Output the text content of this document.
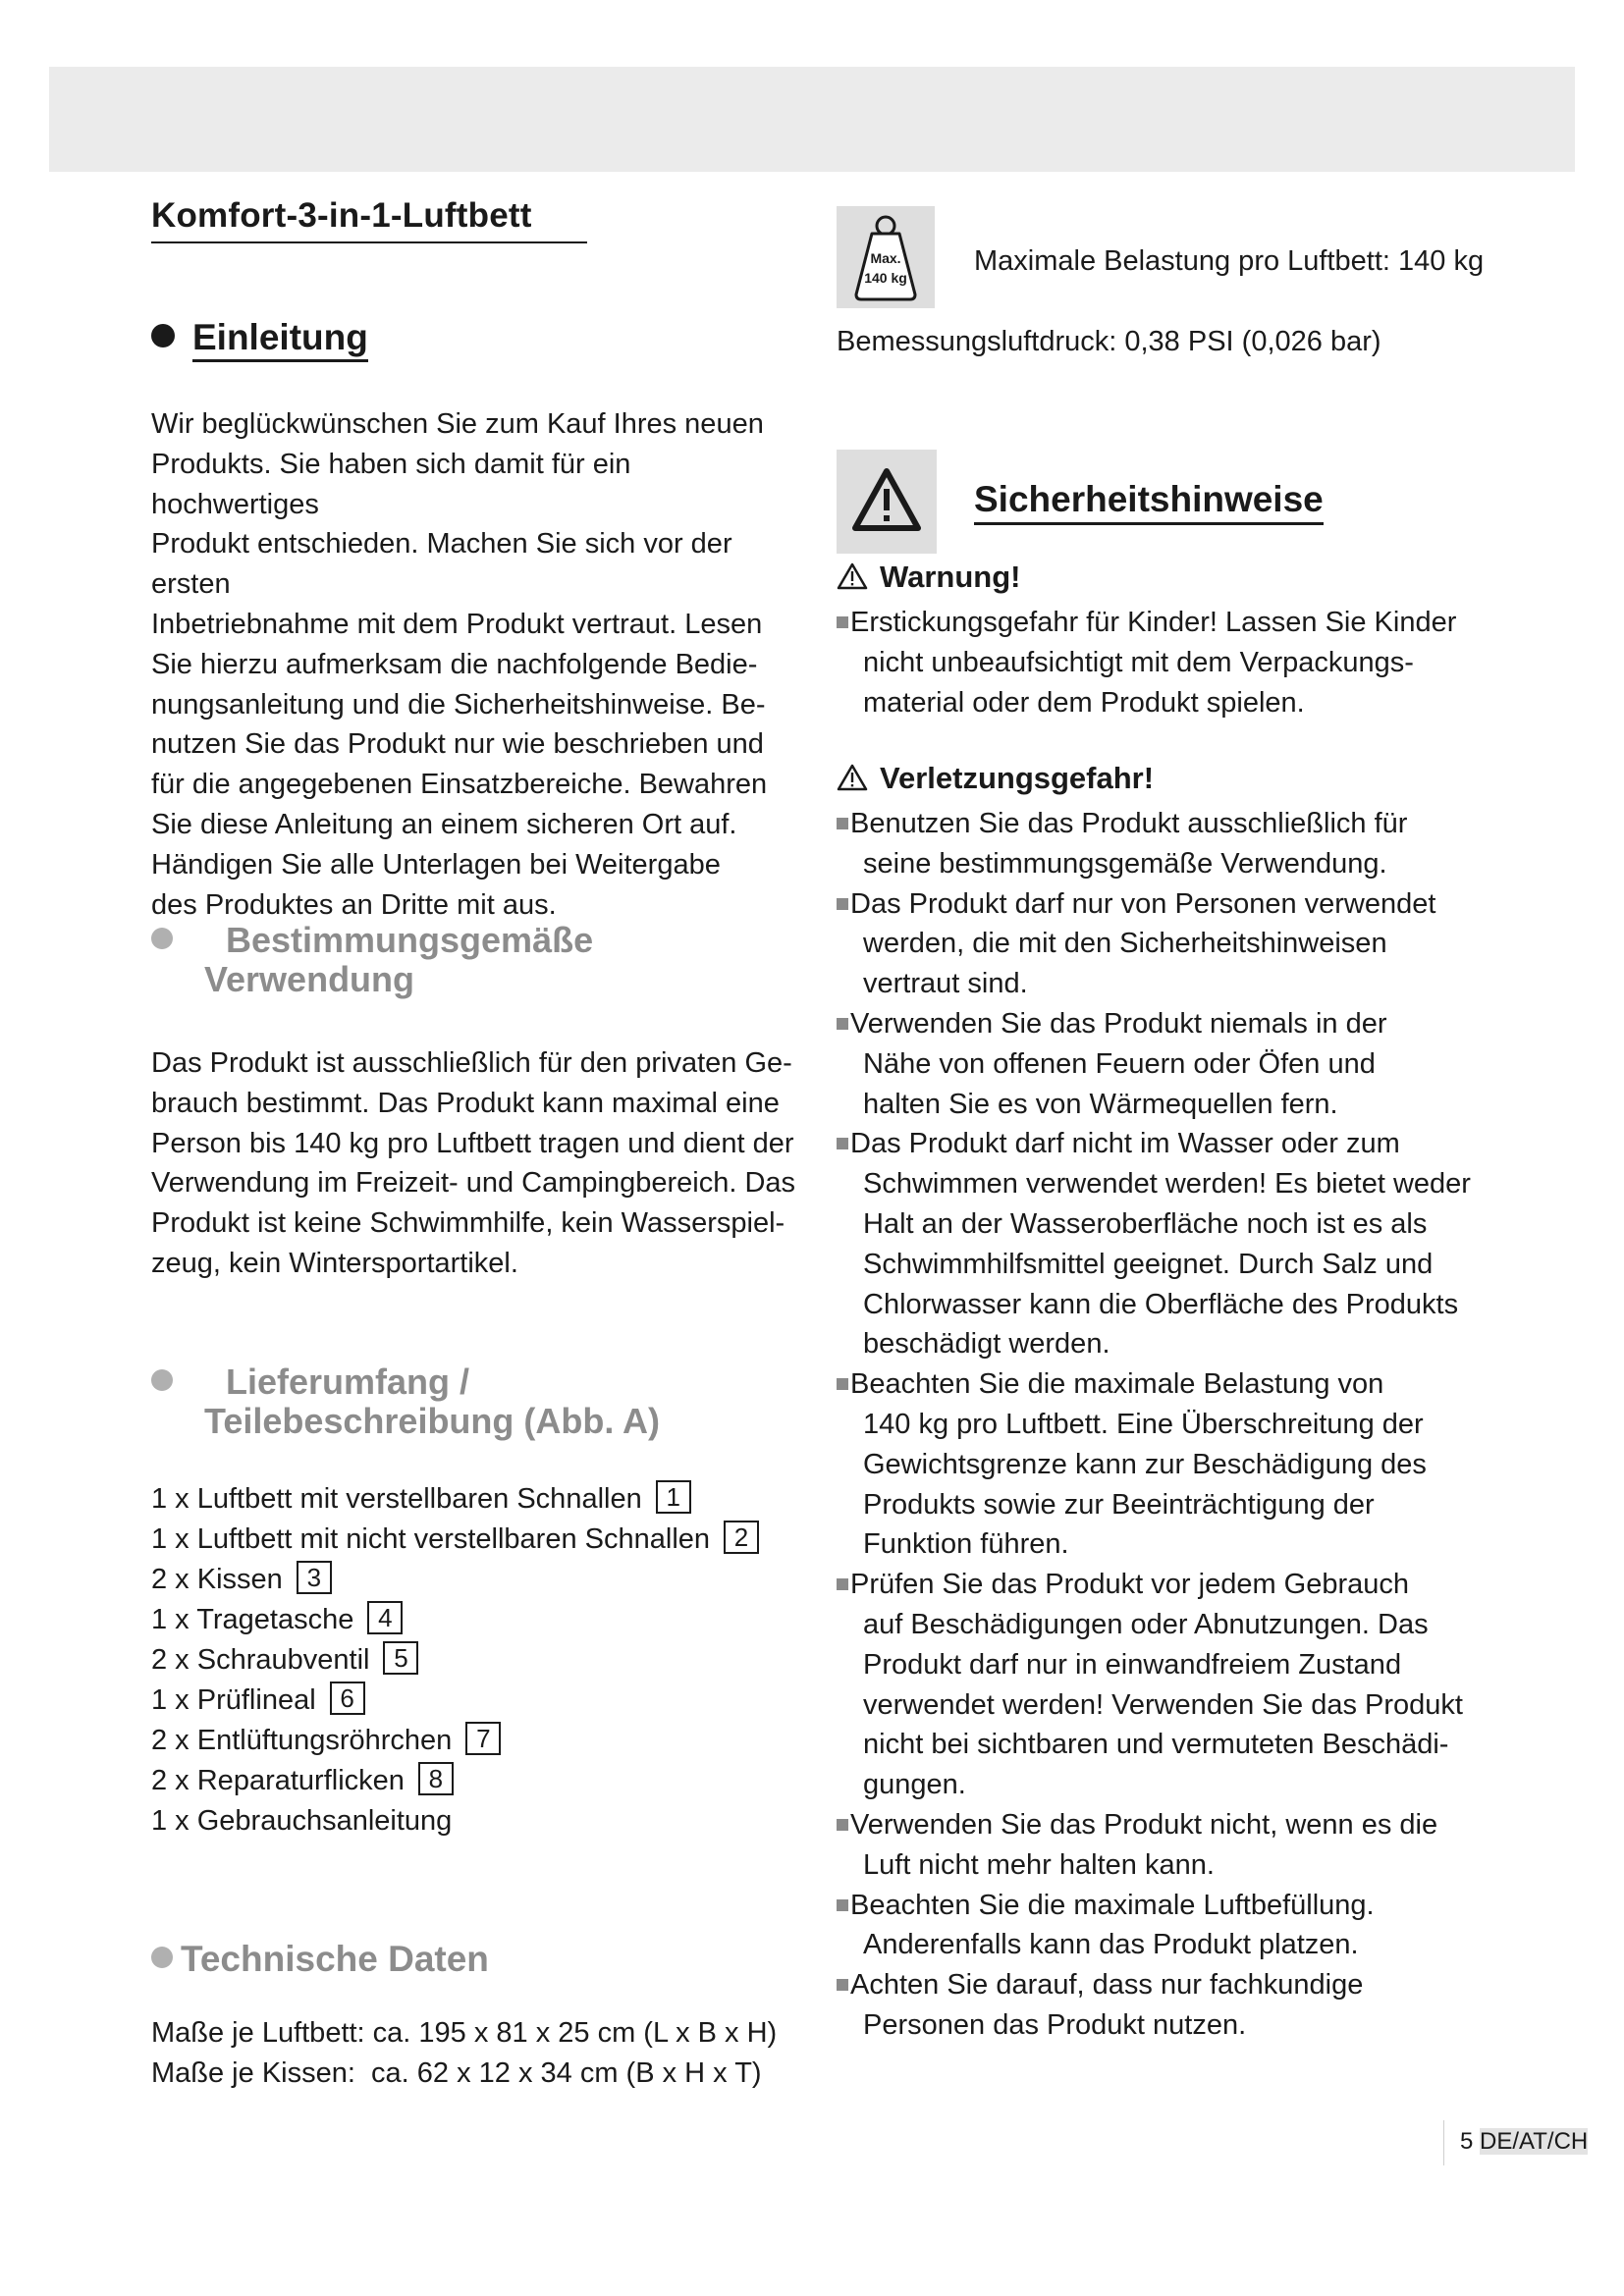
Komfort-3-in-1-Luftbett
Einleitung
Wir beglückwünschen Sie zum Kauf Ihres neuen
Produkts. Sie haben sich damit für ein hochwertiges
Produkt entschieden. Machen Sie sich vor der ersten
Inbetriebnahme mit dem Produkt vertraut. Lesen
Sie hierzu aufmerksam die nachfolgende Bedie-
nungsanleitung und die Sicherheitshinweise. Be-
nutzen Sie das Produkt nur wie beschrieben und
für die angegebenen Einsatzbereiche. Bewahren
Sie diese Anleitung an einem sicheren Ort auf.
Händigen Sie alle Unterlagen bei Weitergabe
des Produktes an Dritte mit aus.
Bestimmungsgemäße
Verwendung
Das Produkt ist ausschließlich für den privaten Ge-
brauch bestimmt. Das Produkt kann maximal eine
Person bis 140 kg pro Luftbett tragen und dient der
Verwendung im Freizeit- und Campingbereich. Das
Produkt ist keine Schwimmhilfe, kein Wasserspiel-
zeug, kein Wintersportartikel.
Lieferumfang /
Teilebeschreibung (Abb. A)
1 x Luftbett mit verstellbaren Schnallen 1
1 x Luftbett mit nicht verstellbaren Schnallen 2
2 x Kissen 3
1 x Tragetasche 4
2 x Schraubventil 5
1 x Prüflineal 6
2 x Entlüftungsröhrchen 7
2 x Reparaturflicken 8
1 x Gebrauchsanleitung
Technische Daten
Maße je Luftbett: ca. 195 x 81 x 25 cm (L x B x H)
Maße je Kissen:  ca. 62 x 12 x 34 cm (B x H x T)
Max.
140 kg
Maximale Belastung pro Luftbett: 140 kg
Bemessungsluftdruck: 0,38 PSI (0,026 bar)
Sicherheitshinweise
Warnung!
Erstickungsgefahr für Kinder! Lassen Sie Kinder
nicht unbeaufsichtigt mit dem Verpackungs-
material oder dem Produkt spielen.
Verletzungsgefahr!
Benutzen Sie das Produkt ausschließlich für
seine bestimmungsgemäße Verwendung.
Das Produkt darf nur von Personen verwendet
werden, die mit den Sicherheitshinweisen
vertraut sind.
Verwenden Sie das Produkt niemals in der
Nähe von offenen Feuern oder Öfen und
halten Sie es von Wärmequellen fern.
Das Produkt darf nicht im Wasser oder zum
Schwimmen verwendet werden! Es bietet weder
Halt an der Wasseroberfläche noch ist es als
Schwimmhilfsmittel geeignet. Durch Salz und
Chlorwasser kann die Oberfläche des Produkts
beschädigt werden.
Beachten Sie die maximale Belastung von
140 kg pro Luftbett. Eine Überschreitung der
Gewichtsgrenze kann zur Beschädigung des
Produkts sowie zur Beeinträchtigung der
Funktion führen.
Prüfen Sie das Produkt vor jedem Gebrauch
auf Beschädigungen oder Abnutzungen. Das
Produkt darf nur in einwandfreiem Zustand
verwendet werden! Verwenden Sie das Produkt
nicht bei sichtbaren und vermuteten Beschädi-
gungen.
Verwenden Sie das Produkt nicht, wenn es die
Luft nicht mehr halten kann.
Beachten Sie die maximale Luftbefüllung.
Anderenfalls kann das Produkt platzen.
Achten Sie darauf, dass nur fachkundige
Personen das Produkt nutzen.
5 DE/AT/CH
